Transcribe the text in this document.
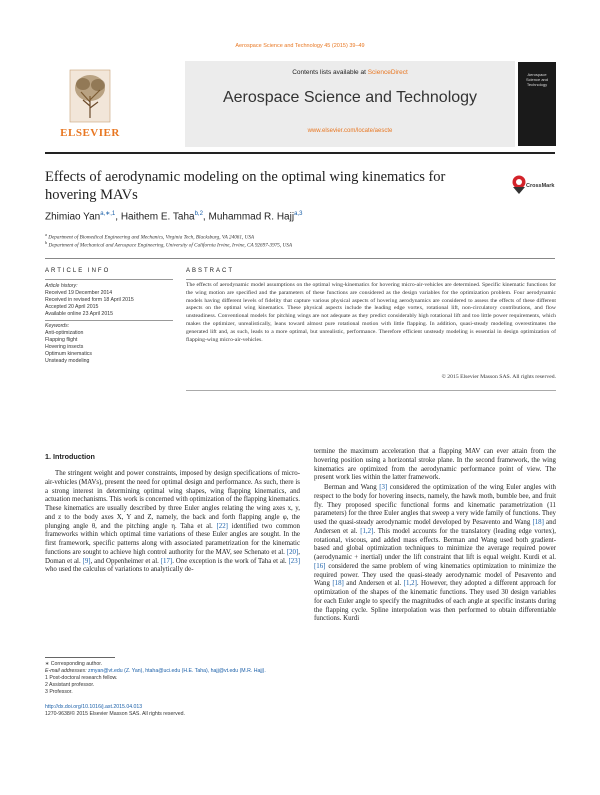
Aerospace Science and Technology 45 (2015) 39–49
ELSEVIER
Contents lists available at ScienceDirect
Aerospace Science and Technology
www.elsevier.com/locate/aescte
Aerospace Science and Technology
Effects of aerodynamic modeling on the optimal wing kinematics for hovering MAVs
CrossMark
Zhimiao Yan$^{a,∗,1}$, Haithem E. Taha$^{b,2}$, Muhammad R. Hajj$^{a,3}$
$^a$ Department of Biomedical Engineering and Mechanics, Virginia Tech, Blacksburg, VA 24061, USA
$^b$ Department of Mechanical and Aerospace Engineering, University of California Irvine, Irvine, CA 92697-3975, USA
ARTICLE INFO
Article history:
Received 19 December 2014
Received in revised form 18 April 2015
Accepted 20 April 2015
Available online 23 April 2015
Keywords:
Anti-optimization
Flapping flight
Hovering insects
Optimum kinematics
Unsteady modeling
ABSTRACT
The effects of aerodynamic model assumptions on the optimal wing-kinematics for hovering micro-air-vehicles are determined. Specific kinematic functions for the wing motion are specified and the parameters of these functions are considered as the design variables for the optimization problem. Four aerodynamic models having different levels of fidelity that capture various physical aspects of hovering aerodynamics are considered to assess the effects of these different aspects on the optimal wing kinematics. These physical aspects include the leading edge vortex, rotational lift, non-circulatory contributions, and flow unsteadiness. Conventional models for pitching wings are not adequate as they predict considerably high rotational lift and too little power requirements, which makes the optimizer, unrealistically, leans toward almost pure rotational motion with little flapping. In addition, quasi-steady modeling overestimates the generated lift and, as such, leads to a more optimal, but unrealistic, performance. Therefore efficient unsteady modeling is essential in design optimization of flapping-wing micro-air-vehicles.
© 2015 Elsevier Masson SAS. All rights reserved.
1. Introduction

The stringent weight and power constraints, imposed by design specifications of micro-air-vehicles (MAVs), present the need for optimal design and performance. As such, there is a strong interest in determining optimal wing shapes, wing flapping kinematics, and actuation mechanisms. This work is concerned with optimization of the flapping kinematics. These kinematics are usually described by three Euler angles relating the wing axes x, y, and z to the body axes X, Y and Z, namely, the back and forth flapping angle φ, the plunging angle θ, and the pitching angle η. Taha et al. [22] identified two common frameworks within which optimal time variations of these Euler angles are sought. In the first framework, specific patterns along with associated parametrization for the kinematic functions are sought to achieve high control authority for the MAV, see Schenato et al. [20], Doman et al. [9], and Oppenheimer et al. [17]. One exception is the work of Taha et al. [23] who used the calculus of variations to analytically de-

termine the maximum acceleration that a flapping MAV can ever attain from the hovering position using a horizontal stroke plane. In the second framework, the wing kinematics are optimized from the aerodynamic performance point of view. The present work lies within the latter framework.

Berman and Wang [3] considered the optimization of the wing Euler angles with respect to the body for hovering insects, namely, the hawk moth, bumble bee, and fruit fly. They proposed specific functional forms and kinematic parametrization (11 parameters) for the three Euler angles that sweep a very wide family of functions. They used the quasi-steady aerodynamic model developed by Pesavento and Wang [18] and Andersen et al. [1,2]. This model accounts for the translatory (leading edge vortex), rotational, viscous, and added mass effects. Berman and Wang used both gradient-based and global optimization techniques to minimize the average required power (aerodynamic + inertial) under the lift constraint that lift is equal weight. Kurdi et al. [16] considered the same problem of wing kinematics optimization to minimize the required power. They used the quasi-steady aerodynamic model of Pesavento and Wang [18] and Andersen et al. [1,2]. However, they adopted a different approach for optimization of the shapes of the kinematic functions. They used 30 design variables for each Euler angle to specify the magnitudes of each angle at specific instants during the flapping cycle. Spline interpolation was then performed to obtain differentiable functions. Kurdi

∗ Corresponding author.
E-mail addresses: zmyan@vt.edu (Z. Yan), htaha@uci.edu (H.E. Taha), hajj@vt.edu (M.R. Hajj).
1 Post-doctoral research fellow.
2 Assistant professor.
3 Professor.
http://dx.doi.org/10.1016/j.ast.2015.04.013
1270-9638/© 2015 Elsevier Masson SAS. All rights reserved.
